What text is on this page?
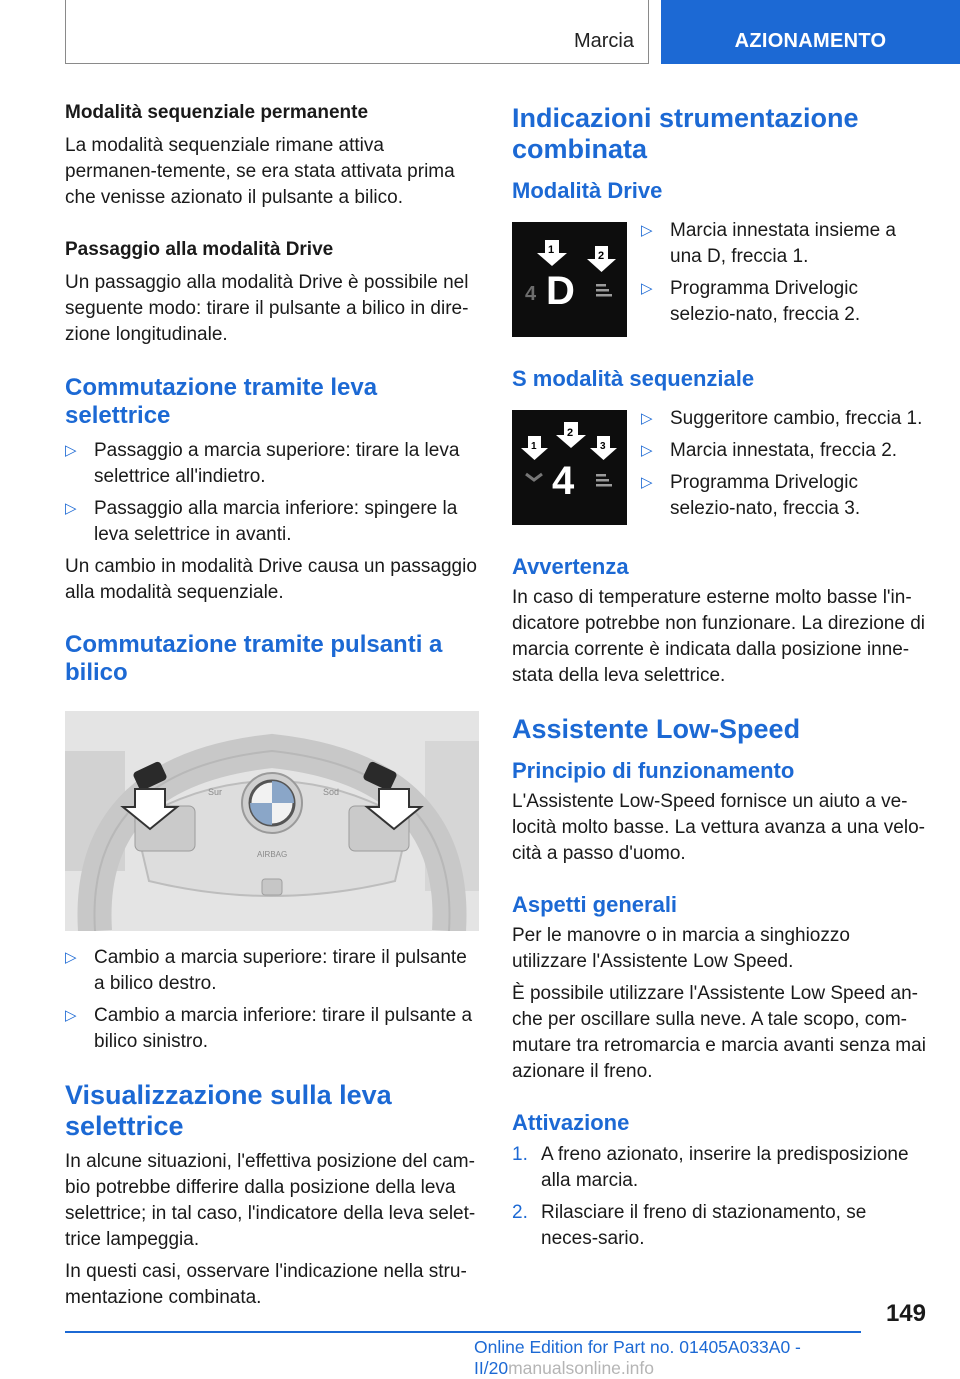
Marcia	AZIONAMENTO

Modalità sequenziale permanente

La modalità sequenziale rimane attiva permanen-temente, se era stata attivata prima che venisse azionato il pulsante a bilico.

Passaggio alla modalità Drive

Un passaggio alla modalità Drive è possibile nel seguente modo: tirare il pulsante a bilico in dire-zione longitudinale.

Commutazione tramite leva selettrice

▷ Passaggio a marcia superiore: tirare la leva selettrice all'indietro.
▷ Passaggio alla marcia inferiore: spingere la leva selettrice in avanti.

Un cambio in modalità Drive causa un passaggio alla modalità sequenziale.

Commutazione tramite pulsanti a bilico

Sur	Sod
AIRBAG
▷ Cambio a marcia superiore: tirare il pulsante a bilico destro.
▷ Cambio a marcia inferiore: tirare il pulsante a bilico sinistro.

Visualizzazione sulla leva selettrice

In alcune situazioni, l'effettiva posizione del cam-bio potrebbe differire dalla posizione della leva selettrice; in tal caso, l'indicatore della leva selet-trice lampeggia.

In questi casi, osservare l'indicazione nella stru-mentazione combinata.

Indicazioni strumentazione combinata

Modalità Drive

4 D
1	2
▷ Marcia innestata insieme a una D, freccia 1.
▷ Programma Drivelogic selezio-nato, freccia 2.

S modalità sequenziale

4
1
2
3
▷ Suggeritore cambio, freccia 1.
▷ Marcia innestata, freccia 2.
▷ Programma Drivelogic selezio-nato, freccia 3.

Avvertenza

In caso di temperature esterne molto basse l'in-dicatore potrebbe non funzionare. La direzione di marcia corrente è indicata dalla posizione inne-stata della leva selettrice.

Assistente Low-Speed

Principio di funzionamento

L'Assistente Low-Speed fornisce un aiuto a ve-locità molto basse. La vettura avanza a una velo-cità a passo d'uomo.

Aspetti generali

Per le manovre o in marcia a singhiozzo utilizzare l'Assistente Low Speed.

È possibile utilizzare l'Assistente Low Speed an-che per oscillare sulla neve. A tale scopo, com-mutare tra retromarcia e marcia avanti senza mai azionare il freno.

Attivazione

1. A freno azionato, inserire la predisposizione alla marcia.
2. Rilasciare il freno di stazionamento, se neces-sario.
149
Online Edition for Part no. 01405A033A0 - II/20manualsonline.info
